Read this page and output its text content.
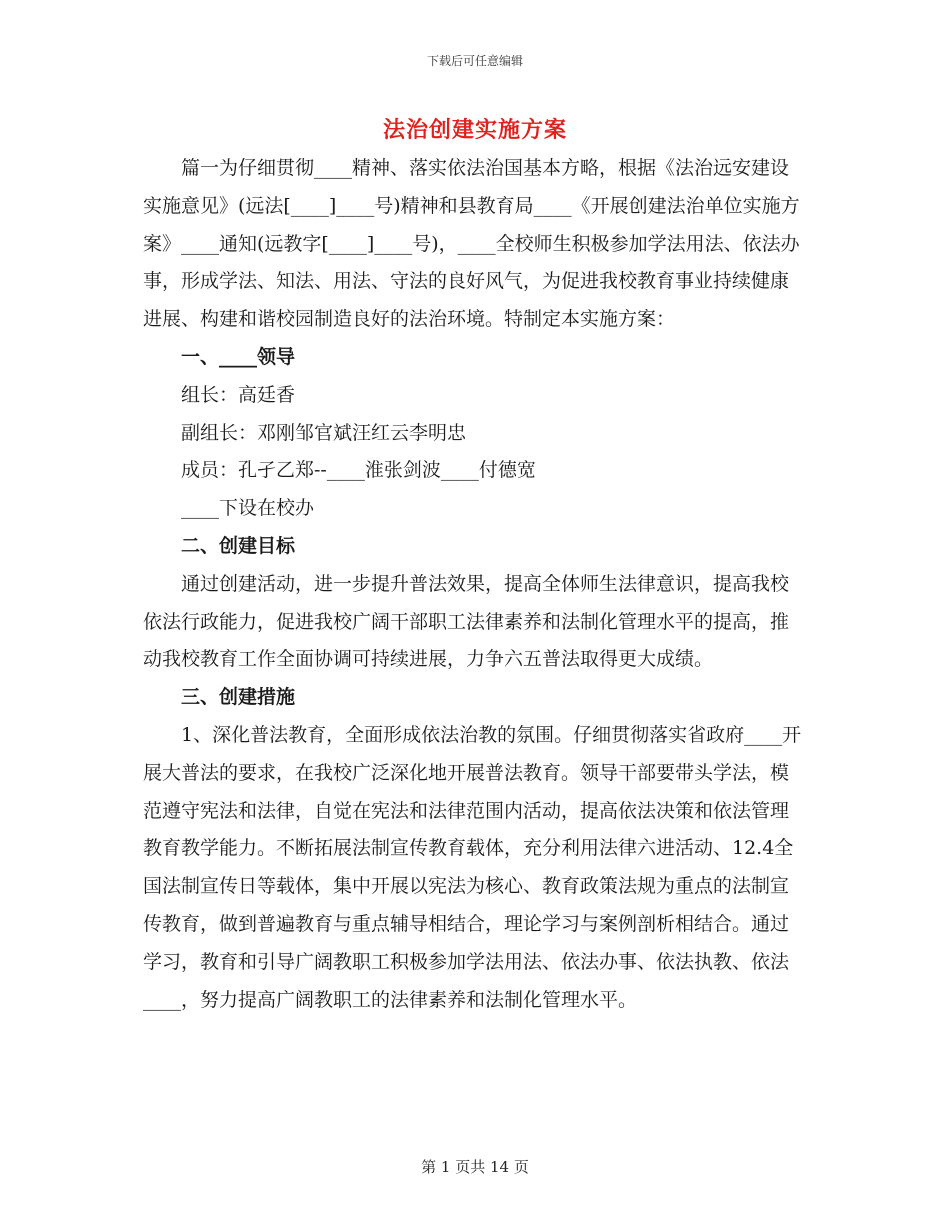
下载后可任意编辑
法治创建实施方案

篇一为仔细贯彻____精神、落实依法治国基本方略，根据《法治远安建设实施意见》(远法[____]____号)精神和县教育局____《开展创建法治单位实施方案》____通知(远教字[____]____号)，____全校师生积极参加学法用法、依法办事，形成学法、知法、用法、守法的良好风气，为促进我校教育事业持续健康进展、构建和谐校园制造良好的法治环境。特制定本实施方案：

一、____领导

组长：高廷香

副组长：邓刚邹官斌汪红云李明忠

成员：孔孑乙郑--____淮张剑波____付德宽

____下设在校办

二、创建目标

通过创建活动，进一步提升普法效果，提高全体师生法律意识，提高我校依法行政能力，促进我校广阔干部职工法律素养和法制化管理水平的提高，推动我校教育工作全面协调可持续进展，力争六五普法取得更大成绩。

三、创建措施

1、深化普法教育，全面形成依法治教的氛围。仔细贯彻落实省政府____开展大普法的要求，在我校广泛深化地开展普法教育。领导干部要带头学法，模范遵守宪法和法律，自觉在宪法和法律范围内活动，提高依法决策和依法管理教育教学能力。不断拓展法制宣传教育载体，充分利用法律六进活动、12.4全国法制宣传日等载体，集中开展以宪法为核心、教育政策法规为重点的法制宣传教育，做到普遍教育与重点辅导相结合，理论学习与案例剖析相结合。通过学习，教育和引导广阔教职工积极参加学法用法、依法办事、依法执教、依法____，努力提高广阔教职工的法律素养和法制化管理水平。

第 1 页共 14 页
